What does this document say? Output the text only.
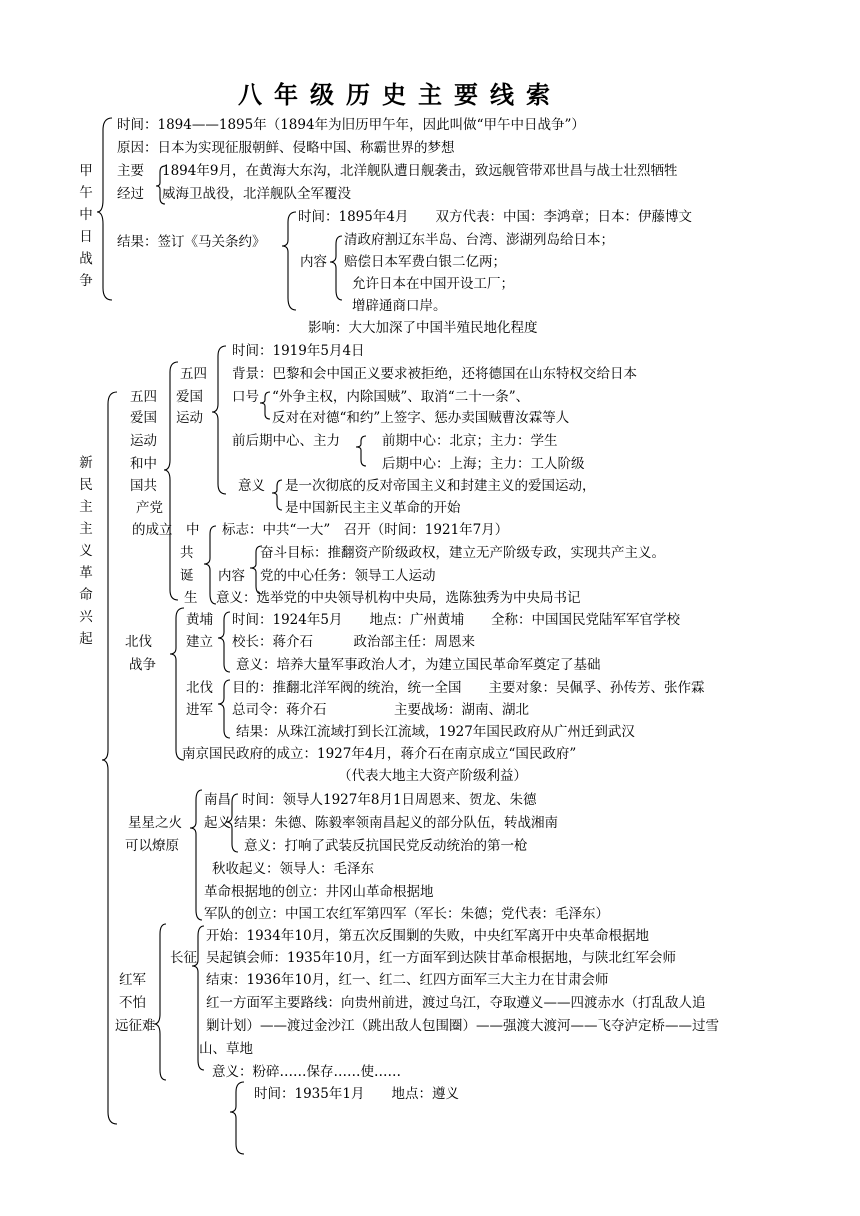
八年级历史主要线索
甲午中日战争
时间：1894——1895年（1894年为旧历甲午年，因此叫做“甲午中日战争”）
原因：日本为实现征服朝鲜、侵略中国、称霸世界的梦想
主要
经过
1894年9月，在黄海大东沟，北洋舰队遭日舰袭击，致远舰管带邓世昌与战士壮烈牺牲
威海卫战役，北洋舰队全军覆没
结果：签订《马关条约》
时间：1895年4月　　双方代表：中国：李鸿章；日本：伊藤博文
内容
清政府割辽东半岛、台湾、澎湖列岛给日本；
赔偿日本军费白银二亿两；
允许日本在中国开设工厂；
增辟通商口岸。
影响：大大加深了中国半殖民地化程度
新民主主义革命兴起
五四
爱国
运动
和中
国共
产党
的成立
五四
爱国
运动
时间：1919年5月4日
背景：巴黎和会中国正义要求被拒绝，还将德国在山东特权交给日本
口号 “外争主权，内除国贼”、取消“二十一条”、
反对在对德“和约”上签字、惩办卖国贼曹汝霖等人
前后期中心、主力	前期中心：北京；主力：学生
后期中心：上海；主力：工人阶级
意义 是一次彻底的反对帝国主义和封建主义的爱国运动，
是中国新民主主义革命的开始
中
共
诞
生
标志：中共“一大”　召开（时间：1921年7月）
内容
奋斗目标：推翻资产阶级政权，建立无产阶级专政，实现共产主义。
党的中心任务：领导工人运动
意义：选举党的中央领导机构中央局，选陈独秀为中央局书记
北伐
战争
黄埔
建立
时间：1924年5月　　地点：广州黄埔　　全称：中国国民党陆军军官学校
校长：蒋介石　　　政治部主任：周恩来
意义：培养大量军事政治人才，为建立国民革命军奠定了基础
北伐
进军
目的：推翻北洋军阀的统治，统一全国　　主要对象：吴佩孚、孙传芳、张作霖
总司令：蒋介石　　　　　主要战场：湖南、湖北
结果：从珠江流域打到长江流域，1927年国民政府从广州迁到武汉
南京国民政府的成立：1927年4月，蒋介石在南京成立“国民政府”
（代表大地主大资产阶级利益）
星星之火
可以燎原
南昌
起义
时间：领导人1927年8月1日周恩来、贺龙、朱德
结果：朱德、陈毅率领南昌起义的部分队伍，转战湘南
意义：打响了武装反抗国民党反动统治的第一枪
秋收起义：领导人：毛泽东
革命根据地的创立：井冈山革命根据地
军队的创立：中国工农红军第四军（军长：朱德；党代表：毛泽东）
红军
不怕
远征难
长征
开始：1934年10月，第五次反围剿的失败，中央红军离开中央革命根据地
吴起镇会师：1935年10月，红一方面军到达陕甘革命根据地，与陕北红军会师
结束：1936年10月，红一、红二、红四方面军三大主力在甘肃会师
红一方面军主要路线：向贵州前进，渡过乌江，夺取遵义——四渡赤水（打乱敌人追
剿计划）——渡过金沙江（跳出敌人包围圈）——强渡大渡河——飞夺泸定桥——过雪
山、草地
意义：粉碎……保存……使……
时间：1935年1月　　地点：遵义
